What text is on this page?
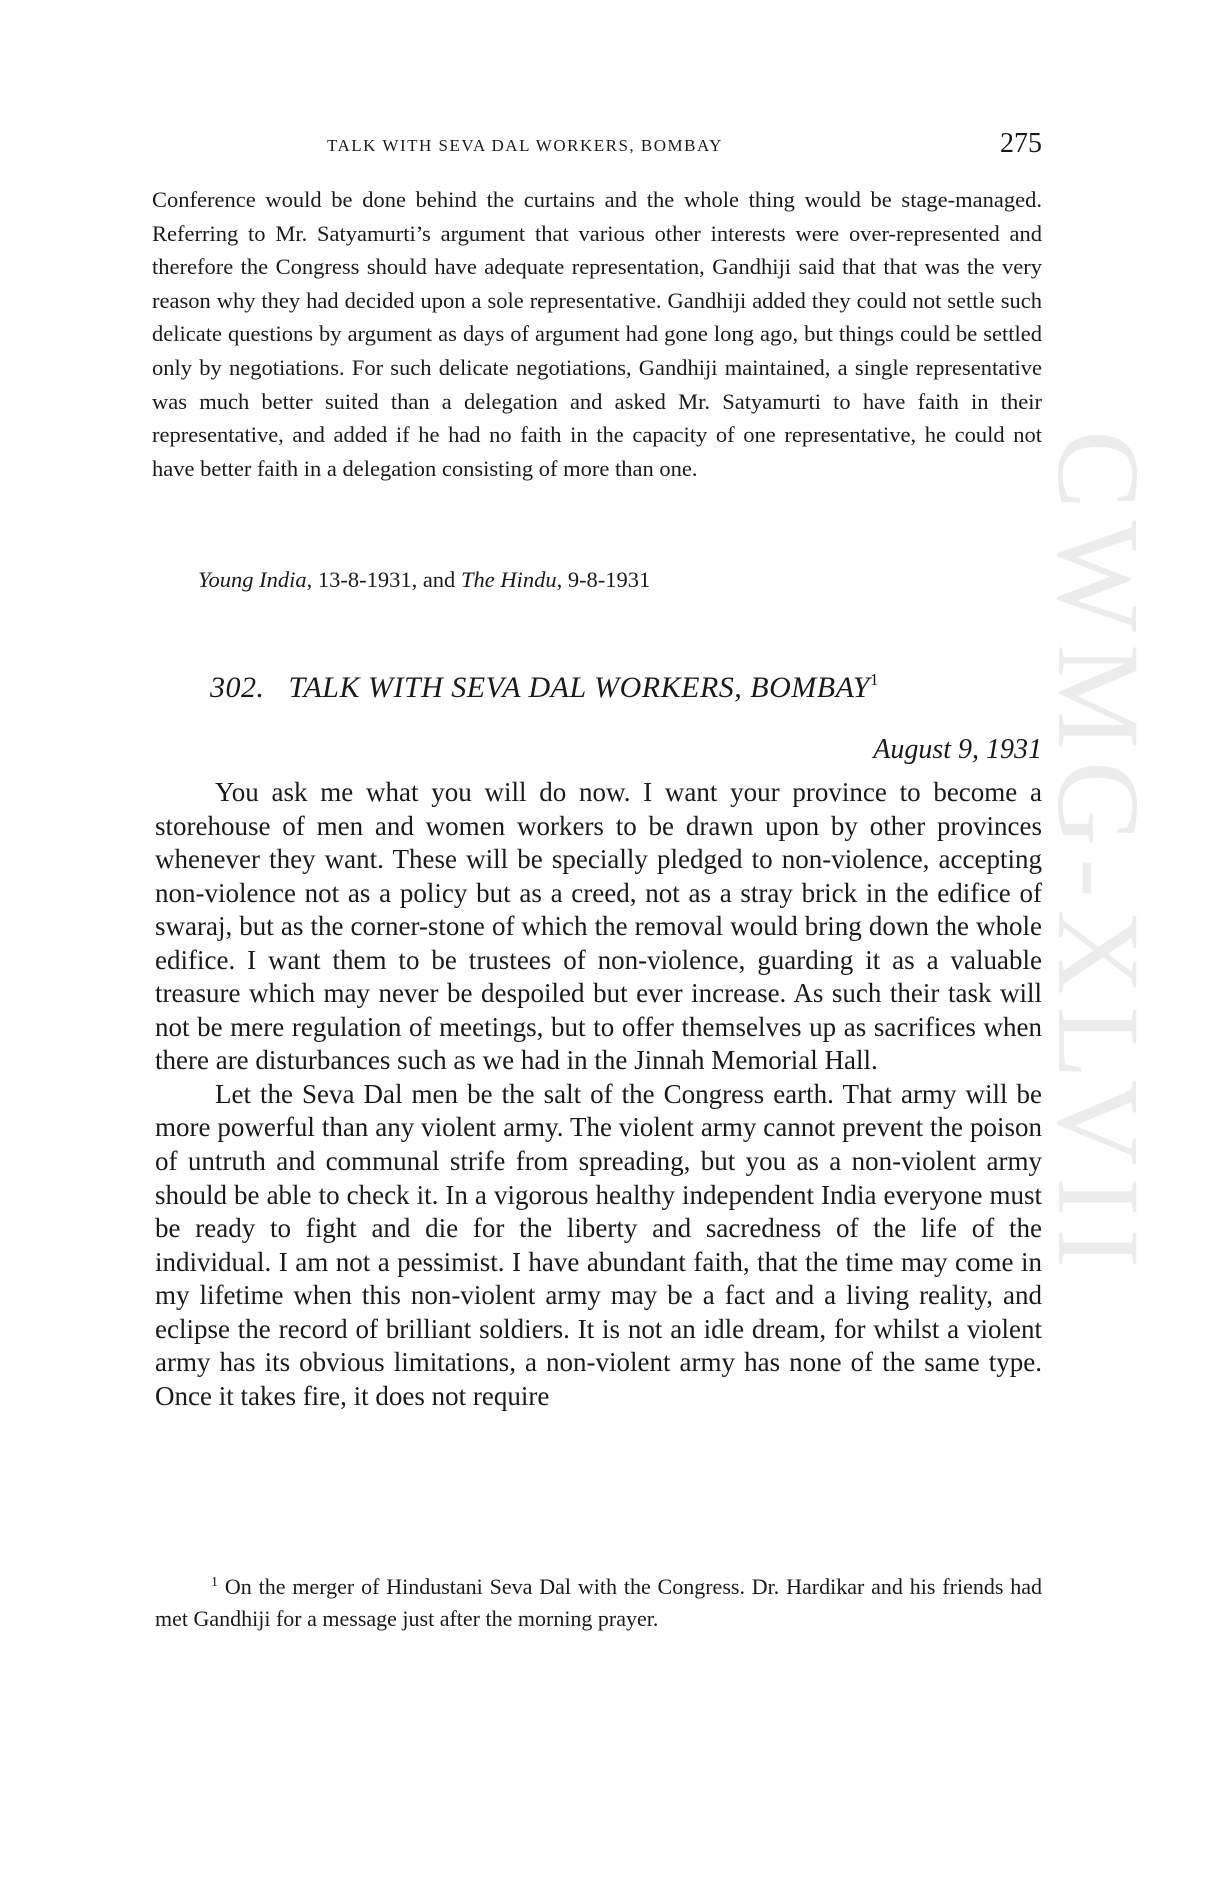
CWMG-XLVII
TALK WITH SEVA DAL WORKERS, BOMBAY	275

Conference would be done behind the curtains and the whole thing would be stage-managed. Referring to Mr. Satyamurti’s argument that various other interests were over-represented and therefore the Congress should have adequate representation, Gandhiji said that that was the very reason why they had decided upon a sole representative. Gandhiji added they could not settle such delicate questions by argument as days of argument had gone long ago, but things could be settled only by negotiations. For such delicate negotiations, Gandhiji maintained, a single representative was much better suited than a delegation and asked Mr. Satyamurti to have faith in their representative, and added if he had no faith in the capacity of one representative, he could not have better faith in a delegation consisting of more than one.

Young India, 13-8-1931, and The Hindu, 9-8-1931
302.   TALK WITH SEVA DAL WORKERS, BOMBAY$^1$
August 9, 1931

You ask me what you will do now. I want your province to become a storehouse of men and women workers to be drawn upon by other provinces whenever they want. These will be specially pledged to non-violence, accepting non-violence not as a policy but as a creed, not as a stray brick in the edifice of swaraj, but as the corner-stone of which the removal would bring down the whole edifice. I want them to be trustees of non-violence, guarding it as a valuable treasure which may never be despoiled but ever increase. As such their task will not be mere regulation of meetings, but to offer themselves up as sacrifices when there are disturbances such as we had in the Jinnah Memorial Hall.

Let the Seva Dal men be the salt of the Congress earth. That army will be more powerful than any violent army. The violent army cannot prevent the poison of untruth and communal strife from spreading, but you as a non-violent army should be able to check it. In a vigorous healthy independent India everyone must be ready to fight and die for the liberty and sacredness of the life of the individual. I am not a pessimist. I have abundant faith, that the time may come in my lifetime when this non-violent army may be a fact and a living reality, and eclipse the record of brilliant soldiers. It is not an idle dream, for whilst a violent army has its obvious limitations, a non-violent army has none of the same type. Once it takes fire, it does not require

$^1$ On the merger of Hindustani Seva Dal with the Congress. Dr. Hardikar and his friends had met Gandhiji for a message just after the morning prayer.
